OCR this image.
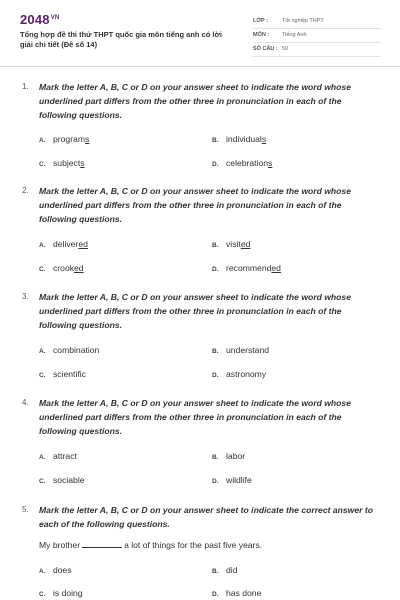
$2048^{VN}$
Tổng hợp đề thi thử THPT quốc gia môn tiếng anh có lời giải chi tiết (Đề số 14)
LỚP :	Tốt nghiệp THPT
MÔN : Tiếng Anh
SỐ CÂU : 50
1. Mark the letter A, B, C or D on your answer sheet to indicate the word whose underlined part differs from the other three in pronunciation in each of the following questions.
A. programs	B. individuals
C. subjects	D. celebrations
2. Mark the letter A, B, C or D on your answer sheet to indicate the word whose underlined part differs from the other three in pronunciation in each of the following questions.
A. delivered	B. visited
C. crooked	D. recommended
3. Mark the letter A, B, C or D on your answer sheet to indicate the word whose underlined part differs from the other three in pronunciation in each of the following questions.
A. combination	B. understand
C. scientific	D. astronomy
4. Mark the letter A, B, C or D on your answer sheet to indicate the word whose underlined part differs from the other three in pronunciation in each of the following questions.
A. attract	B. labor
C. sociable	D. wildlife
5. Mark the letter A, B, C or D on your answer sheet to indicate the correct answer to each of the following questions.
My brother	a lot of things for the past five years.
A. does	B. did
C. is doing	D. has done
